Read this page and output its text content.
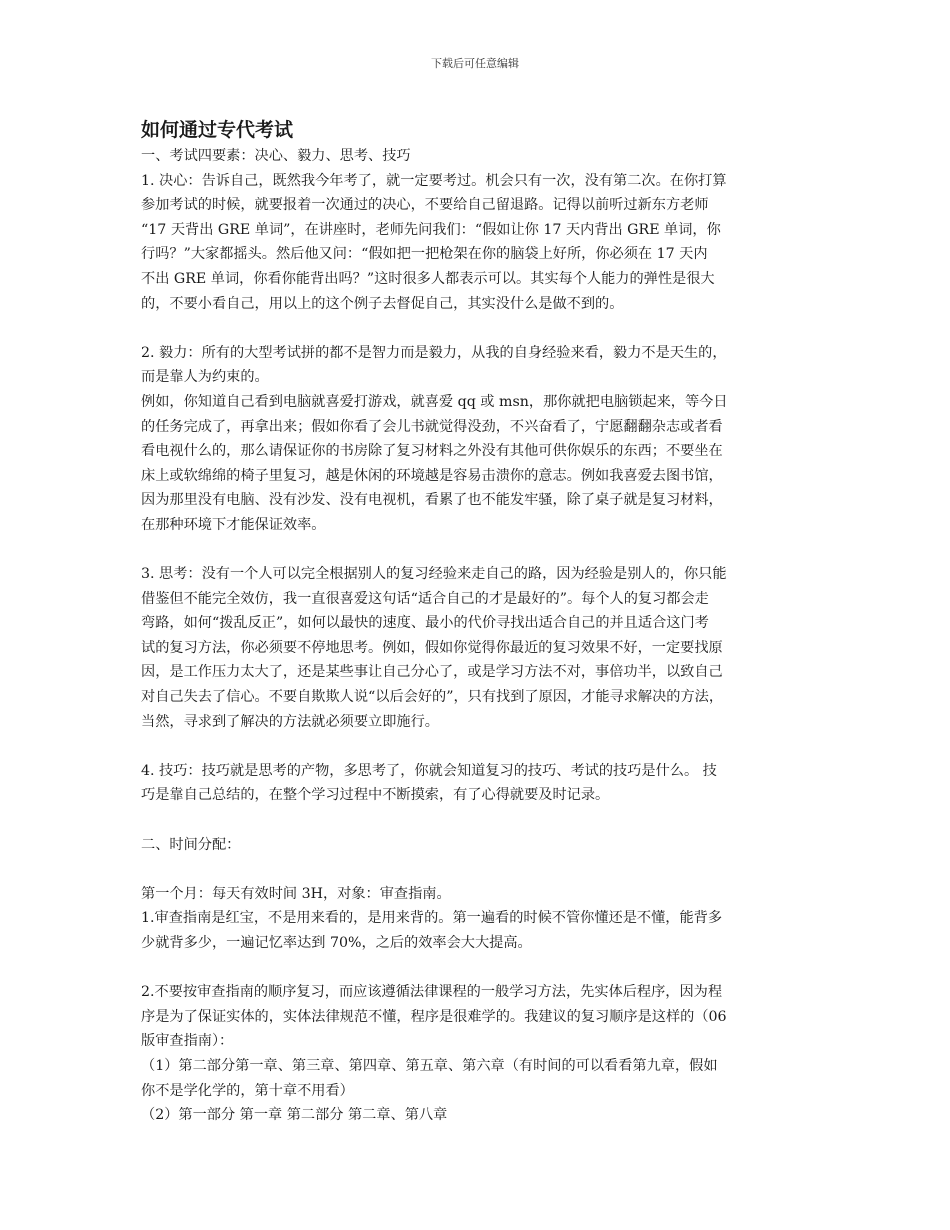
下载后可任意编辑
如何通过专代考试
一、考试四要素：决心、毅力、思考、技巧
1. 决心：告诉自己，既然我今年考了，就一定要考过。机会只有一次，没有第二次。在你打算
参加考试的时候，就要报着一次通过的决心，不要给自己留退路。记得以前听过新东方老师
“17 天背出 GRE 单词”，在讲座时，老师先问我们：“假如让你 17 天内背出 GRE 单词，你
行吗？”大家都摇头。然后他又问：“假如把一把枪架在你的脑袋上好所，你必须在 17 天内
不出 GRE 单词，你看你能背出吗？”这时很多人都表示可以。其实每个人能力的弹性是很大
的，不要小看自己，用以上的这个例子去督促自己，其实没什么是做不到的。
2. 毅力：所有的大型考试拼的都不是智力而是毅力，从我的自身经验来看，毅力不是天生的，
而是靠人为约束的。
例如，你知道自己看到电脑就喜爱打游戏，就喜爱 qq 或 msn，那你就把电脑锁起来，等今日
的任务完成了，再拿出来；假如你看了会儿书就觉得没劲，不兴奋看了，宁愿翻翻杂志或者看
看电视什么的，那么请保证你的书房除了复习材料之外没有其他可供你娱乐的东西；不要坐在
床上或软绵绵的椅子里复习，越是休闲的环境越是容易击溃你的意志。例如我喜爱去图书馆，
因为那里没有电脑、没有沙发、没有电视机，看累了也不能发牢骚，除了桌子就是复习材料，
在那种环境下才能保证效率。
3. 思考：没有一个人可以完全根据别人的复习经验来走自己的路，因为经验是别人的，你只能
借鉴但不能完全效仿，我一直很喜爱这句话“适合自己的才是最好的”。每个人的复习都会走
弯路，如何“拨乱反正”，如何以最快的速度、最小的代价寻找出适合自己的并且适合这门考
试的复习方法，你必须要不停地思考。例如，假如你觉得你最近的复习效果不好，一定要找原
因，是工作压力太大了，还是某些事让自己分心了，或是学习方法不对，事倍功半，以致自己
对自己失去了信心。不要自欺欺人说“以后会好的”，只有找到了原因，才能寻求解决的方法，
当然，寻求到了解决的方法就必须要立即施行。
4. 技巧：技巧就是思考的产物，多思考了，你就会知道复习的技巧、考试的技巧是什么。 技
巧是靠自己总结的，在整个学习过程中不断摸索，有了心得就要及时记录。
二、时间分配：
第一个月：每天有效时间 3H，对象：审查指南。
1.审查指南是红宝，不是用来看的，是用来背的。第一遍看的时候不管你懂还是不懂，能背多
少就背多少，一遍记忆率达到 70%，之后的效率会大大提高。
2.不要按审查指南的顺序复习，而应该遵循法律课程的一般学习方法，先实体后程序，因为程
序是为了保证实体的，实体法律规范不懂，程序是很难学的。我建议的复习顺序是这样的（06
版审查指南）：
（1）第二部分第一章、第三章、第四章、第五章、第六章（有时间的可以看看第九章，假如
你不是学化学的，第十章不用看）
（2）第一部分 第一章 第二部分 第二章、第八章
